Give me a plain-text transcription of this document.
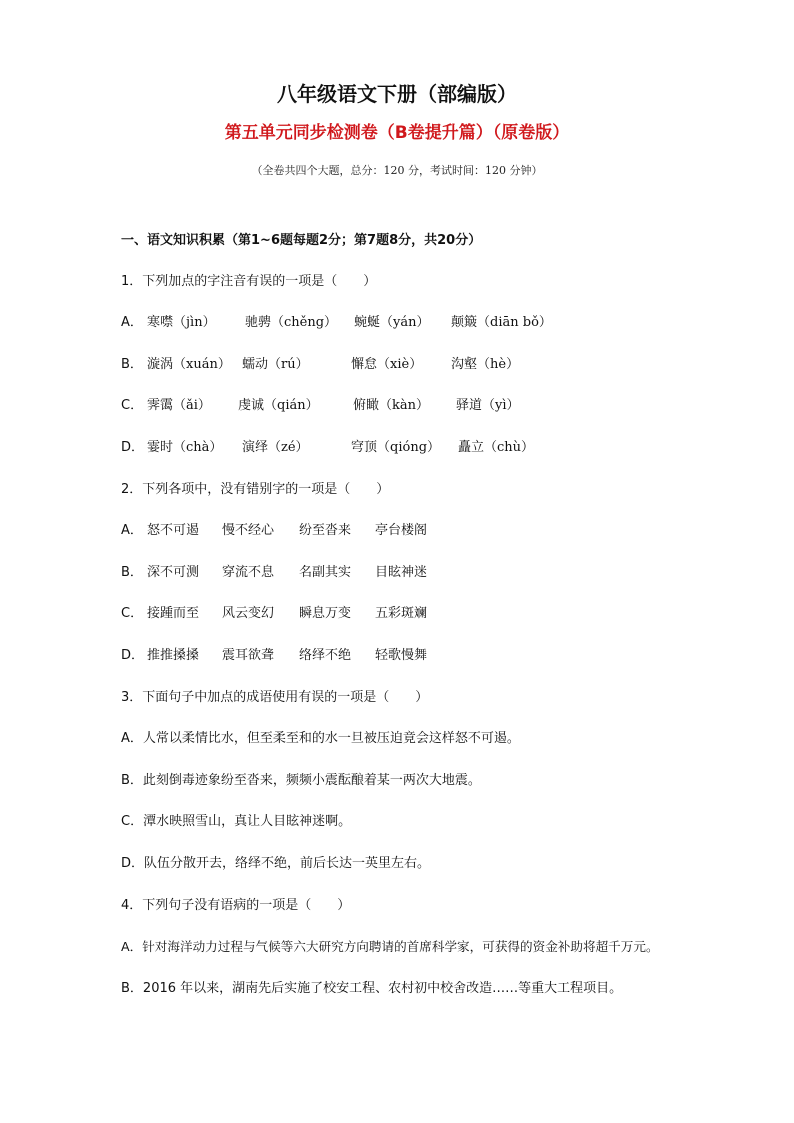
八年级语文下册（部编版）
第五单元同步检测卷（B卷提升篇）（原卷版）
（全卷共四个大题，总分：120 分，考试时间：120 分钟）
一、语文知识积累（第1~6题每题2分；第7题8分，共20分）
1．下列加点的字注音有误的一项是（　　）
A． 寒噤（jìn） 驰骋（chěng） 蜿蜒（yán） 颠簸（diān bǒ）
B． 漩涡（xuán） 蠕动（rú）	懈怠（xiè） 沟壑（hè）
C． 霁霭（ǎi） 虔诚（qián）	俯瞰（kàn） 驿道（yì）
D． 霎时（chà） 演绎（zé）	穹顶（qióng） 矗立（chù）
2．下列各项中，没有错别字的一项是（　　）
A． 怒不可遏 慢不经心 纷至沓来 亭台楼阁
B． 深不可测 穿流不息 名副其实 目眩神迷
C． 接踵而至 风云变幻 瞬息万变 五彩斑斓
D． 推推搡搡 震耳欲聋 络绎不绝 轻歌慢舞
3．下面句子中加点的成语使用有误的一项是（　　）
A．人常以柔情比水，但至柔至和的水一旦被压迫竟会这样怒不可遏。
B．此刻倒毒迹象纷至沓来，频频小震酝酿着某一两次大地震。
C．潭水映照雪山，真让人目眩神迷啊。
D．队伍分散开去，络绎不绝，前后长达一英里左右。
4．下列句子没有语病的一项是（　　）
A．针对海洋动力过程与气候等六大研究方向聘请的首席科学家，可获得的资金补助将超千万元。
B．2016 年以来，湖南先后实施了校安工程、农村初中校舍改造……等重大工程项目。
